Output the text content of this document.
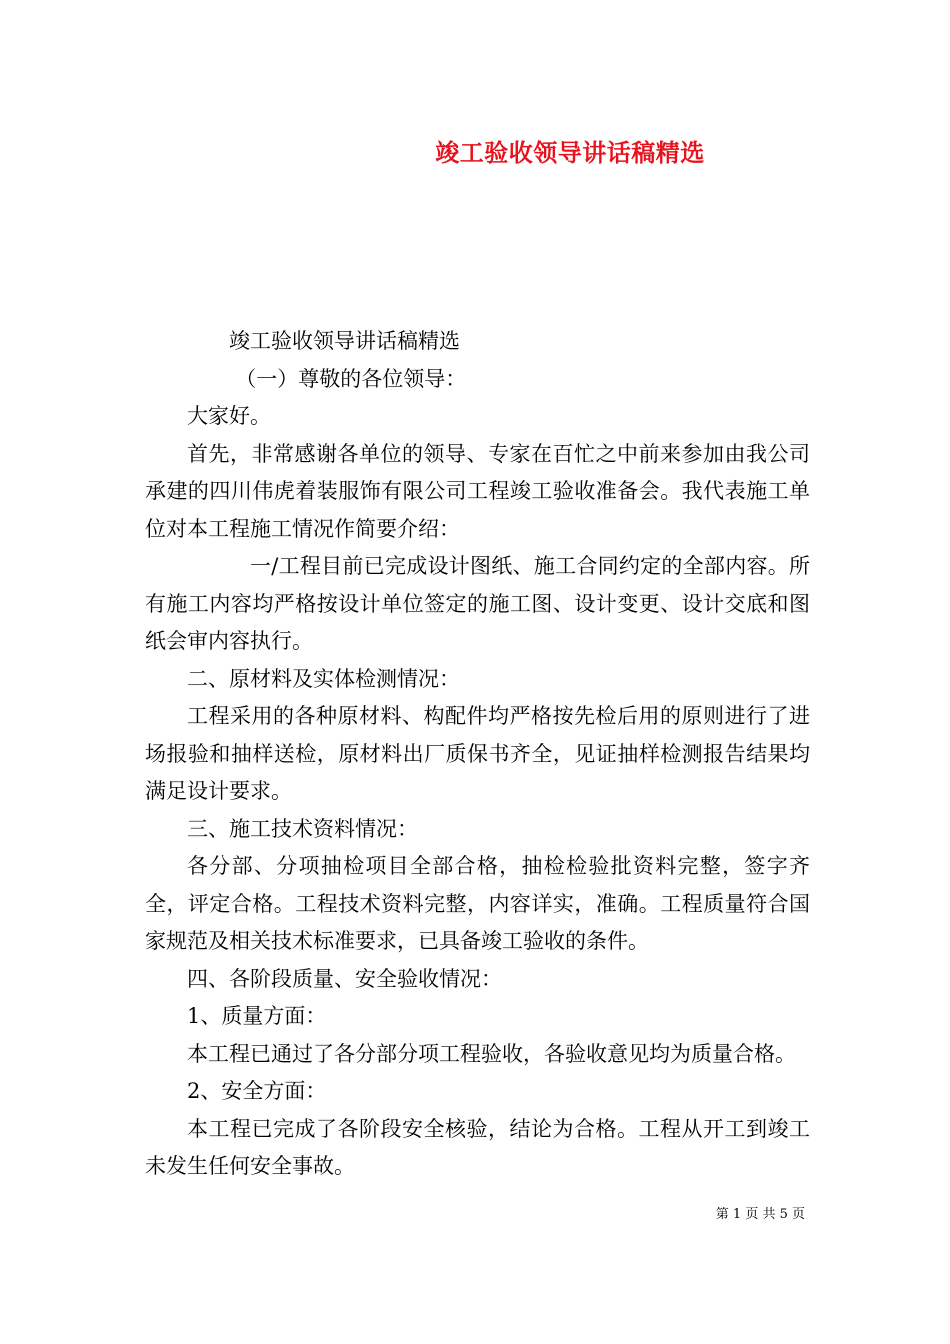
竣工验收领导讲话稿精选

竣工验收领导讲话稿精选

（一）尊敬的各位领导：

大家好。

首先，非常感谢各单位的领导、专家在百忙之中前来参加由我公司承建的四川伟虎着装服饰有限公司工程竣工验收准备会。我代表施工单位对本工程施工情况作简要介绍：

一/工程目前已完成设计图纸、施工合同约定的全部内容。所有施工内容均严格按设计单位签定的施工图、设计变更、设计交底和图纸会审内容执行。

二、原材料及实体检测情况：

工程采用的各种原材料、构配件均严格按先检后用的原则进行了进场报验和抽样送检，原材料出厂质保书齐全，见证抽样检测报告结果均满足设计要求。

三、施工技术资料情况：

各分部、分项抽检项目全部合格，抽检检验批资料完整，签字齐全，评定合格。工程技术资料完整，内容详实，准确。工程质量符合国家规范及相关技术标准要求，已具备竣工验收的条件。

四、各阶段质量、安全验收情况：

1、质量方面：

本工程已通过了各分部分项工程验收，各验收意见均为质量合格。

2、安全方面：

本工程已完成了各阶段安全核验，结论为合格。工程从开工到竣工未发生任何安全事故。

第 1 页 共 5 页
